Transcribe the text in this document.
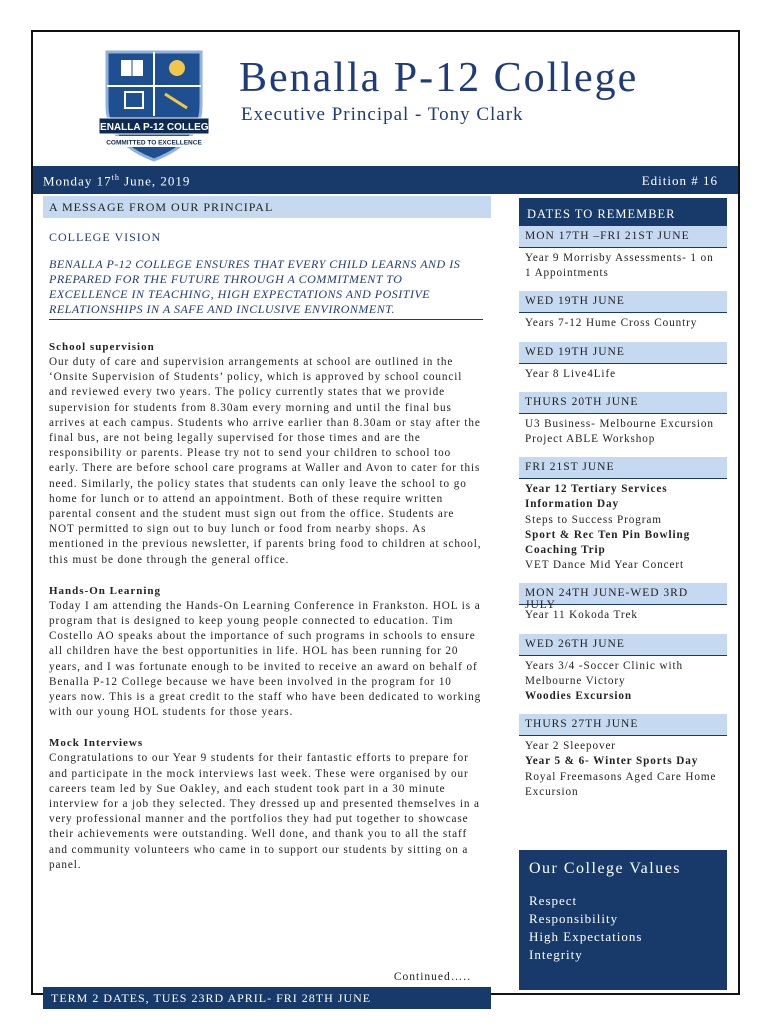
BENALLA P-12 COLLEGE
COMMITTED TO EXCELLENCE
Benalla P-12 College
Executive Principal - Tony Clark
Monday 17th June, 2019	Edition # 16
A MESSAGE FROM OUR PRINCIPAL
COLLEGE VISION
BENALLA P-12 COLLEGE ENSURES THAT EVERY CHILD LEARNS AND IS PREPARED FOR THE FUTURE THROUGH A COMMITMENT TO EXCELLENCE IN TEACHING, HIGH EXPECTATIONS AND POSITIVE RELATIONSHIPS IN A SAFE AND INCLUSIVE ENVIRONMENT.
School supervision

Our duty of care and supervision arrangements at school are outlined in the ‘Onsite Supervision of Students’ policy, which is approved by school council and reviewed every two years. The policy currently states that we provide supervision for students from 8.30am every morning and until the final bus arrives at each campus. Students who arrive earlier than 8.30am or stay after the final bus, are not being legally supervised for those times and are the responsibility or parents. Please try not to send your children to school too early. There are before school care programs at Waller and Avon to cater for this need. Similarly, the policy states that students can only leave the school to go home for lunch or to attend an appointment. Both of these require written parental consent and the student must sign out from the office. Students are NOT permitted to sign out to buy lunch or food from nearby shops. As mentioned in the previous newsletter, if parents bring food to children at school, this must be done through the general office.

Hands-On Learning

Today I am attending the Hands-On Learning Conference in Frankston. HOL is a program that is designed to keep young people connected to education. Tim Costello AO speaks about the importance of such programs in schools to ensure all children have the best opportunities in life. HOL has been running for 20 years, and I was fortunate enough to be invited to receive an award on behalf of Benalla P-12 College because we have been involved in the program for 10 years now. This is a great credit to the staff who have been dedicated to working with our young HOL students for those years.

Mock Interviews

Congratulations to our Year 9 students for their fantastic efforts to prepare for and participate in the mock interviews last week. These were organised by our careers team led by Sue Oakley, and each student took part in a 30 minute interview for a job they selected. They dressed up and presented themselves in a very professional manner and the portfolios they had put together to showcase their achievements were outstanding. Well done, and thank you to all the staff and community volunteers who came in to support our students by sitting on a panel.

Continued…..
TERM 2 DATES, TUES 23RD APRIL- FRI 28TH JUNE
DATES TO REMEMBER
MON 17TH –FRI 21ST JUNE
Year 9 Morrisby Assessments- 1 on 1 Appointments
WED 19TH JUNE
Years 7-12 Hume Cross Country
WED 19TH JUNE
Year 8 Live4Life
THURS 20TH JUNE
U3 Business- Melbourne Excursion
Project ABLE Workshop
FRI 21ST JUNE
Year 12 Tertiary Services Information Day
Steps to Success Program
Sport & Rec Ten Pin Bowling Coaching Trip
VET Dance Mid Year Concert
MON 24TH JUNE-WED 3RD JULY
Year 11 Kokoda Trek
WED 26TH JUNE
Years 3/4 -Soccer Clinic with Melbourne Victory
Woodies Excursion
THURS 27TH JUNE
Year 2 Sleepover
Year 5 & 6- Winter Sports Day
Royal Freemasons Aged Care Home Excursion
Our College Values
Respect
Responsibility
High Expectations
Integrity
